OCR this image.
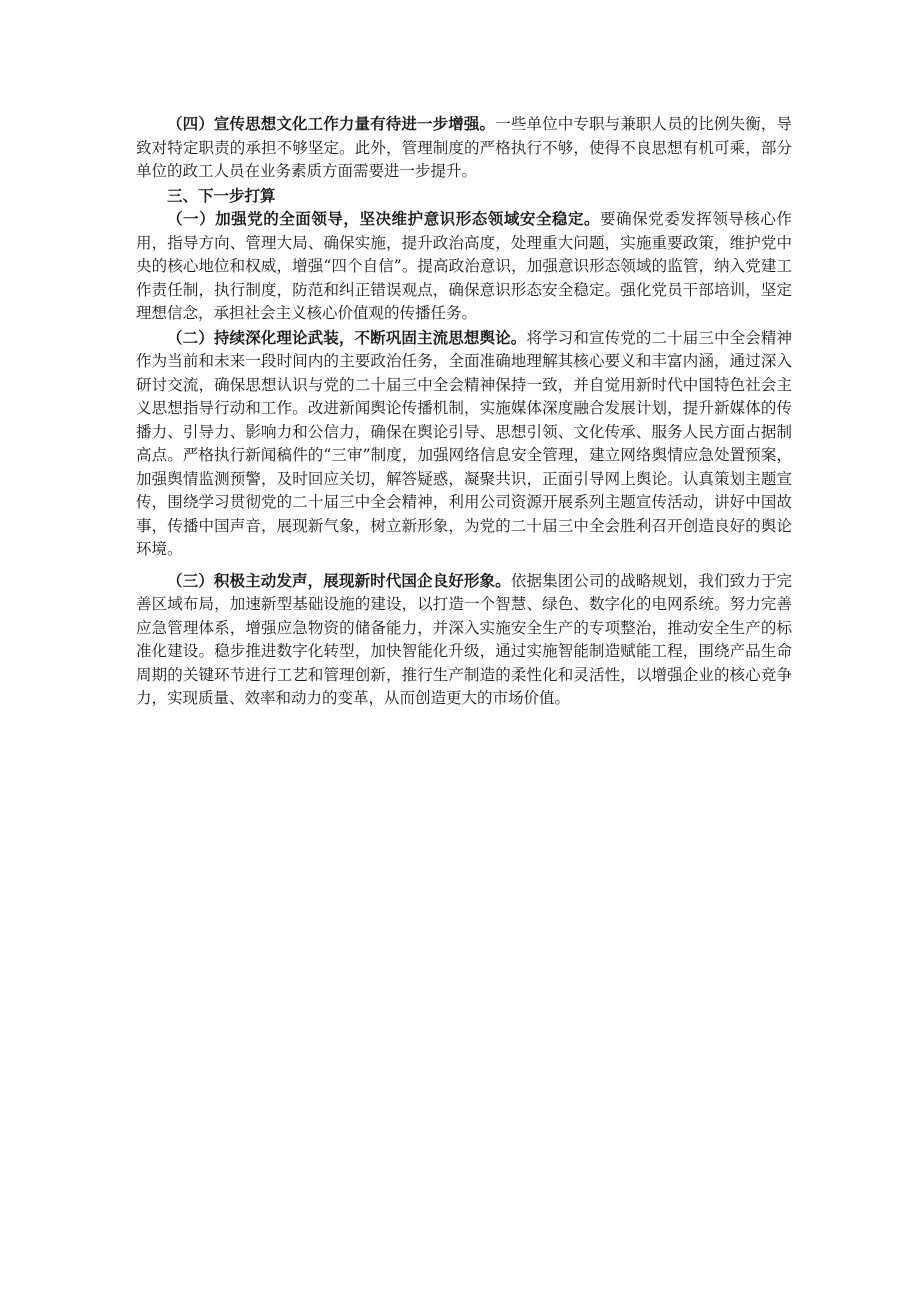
（四）宣传思想文化工作力量有待进一步增强。一些单位中专职与兼职人员的比例失衡，导致对特定职责的承担不够坚定。此外，管理制度的严格执行不够，使得不良思想有机可乘，部分单位的政工人员在业务素质方面需要进一步提升。

三、下一步打算

（一）加强党的全面领导，坚决维护意识形态领域安全稳定。要确保党委发挥领导核心作用，指导方向、管理大局、确保实施，提升政治高度，处理重大问题，实施重要政策，维护党中央的核心地位和权威，增强“四个自信”。提高政治意识，加强意识形态领域的监管，纳入党建工作责任制，执行制度，防范和纠正错误观点，确保意识形态安全稳定。强化党员干部培训，坚定理想信念，承担社会主义核心价值观的传播任务。

（二）持续深化理论武装，不断巩固主流思想舆论。将学习和宣传党的二十届三中全会精神作为当前和未来一段时间内的主要政治任务，全面准确地理解其核心要义和丰富内涵，通过深入研讨交流，确保思想认识与党的二十届三中全会精神保持一致，并自觉用新时代中国特色社会主义思想指导行动和工作。改进新闻舆论传播机制，实施媒体深度融合发展计划，提升新媒体的传播力、引导力、影响力和公信力，确保在舆论引导、思想引领、文化传承、服务人民方面占据制高点。严格执行新闻稿件的“三审”制度，加强网络信息安全管理，建立网络舆情应急处置预案，加强舆情监测预警，及时回应关切，解答疑惑，凝聚共识，正面引导网上舆论。认真策划主题宣传，围绕学习贯彻党的二十届三中全会精神，利用公司资源开展系列主题宣传活动，讲好中国故事，传播中国声音，展现新气象，树立新形象，为党的二十届三中全会胜利召开创造良好的舆论环境。

（三）积极主动发声，展现新时代国企良好形象。依据集团公司的战略规划，我们致力于完善区域布局，加速新型基础设施的建设，以打造一个智慧、绿色、数字化的电网系统。努力完善应急管理体系，增强应急物资的储备能力，并深入实施安全生产的专项整治，推动安全生产的标准化建设。稳步推进数字化转型，加快智能化升级，通过实施智能制造赋能工程，围绕产品生命周期的关键环节进行工艺和管理创新，推行生产制造的柔性化和灵活性，以增强企业的核心竞争力，实现质量、效率和动力的变革，从而创造更大的市场价值。
